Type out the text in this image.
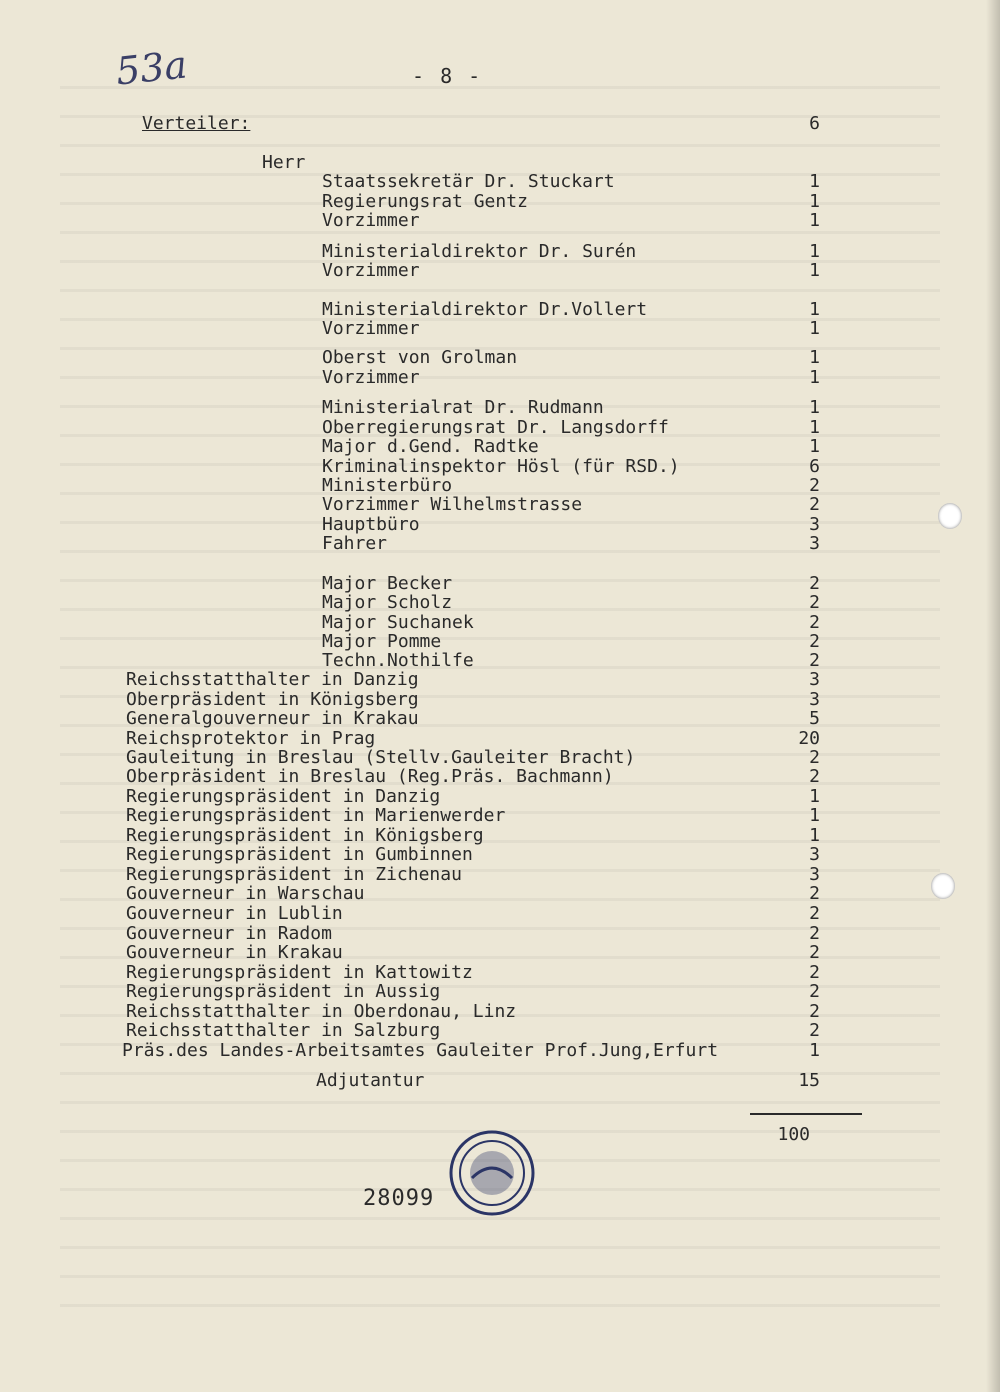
53a	- 8 -
Verteiler:	6
Herr
Staatssekretär Dr. Stuckart	1
Regierungsrat Gentz	1
Vorzimmer	1
Ministerialdirektor Dr. Surén	1
Vorzimmer	1
Ministerialdirektor Dr.Vollert	1
Vorzimmer	1
Oberst von Grolman	1
Vorzimmer	1
Ministerialrat Dr. Rudmann	1
Oberregierungsrat Dr. Langsdorff	1
Major d.Gend. Radtke	1
Kriminalinspektor Hösl (für RSD.)	6
Ministerbüro	2
Vorzimmer Wilhelmstrasse	2
Hauptbüro	3
Fahrer	3
Major Becker	2
Major Scholz	2
Major Suchanek	2
Major Pomme	2
Techn.Nothilfe	2
Reichsstatthalter in Danzig	3
Oberpräsident in Königsberg	3
Generalgouverneur in Krakau	5
Reichsprotektor in Prag	20
Gauleitung in Breslau (Stellv.Gauleiter Bracht)	2
Oberpräsident in Breslau (Reg.Präs. Bachmann)	2
Regierungspräsident in Danzig	1
Regierungspräsident in Marienwerder	1
Regierungspräsident in Königsberg	1
Regierungspräsident in Gumbinnen	3
Regierungspräsident in Zichenau	3
Gouverneur in Warschau	2
Gouverneur in Lublin	2
Gouverneur in Radom	2
Gouverneur in Krakau	2
Regierungspräsident in Kattowitz	2
Regierungspräsident in Aussig	2
Reichsstatthalter in Oberdonau, Linz	2
Reichsstatthalter in Salzburg	2
Präs.des Landes-Arbeitsamtes Gauleiter Prof.Jung,Erfurt	1
Adjutantur	15
100
28099
